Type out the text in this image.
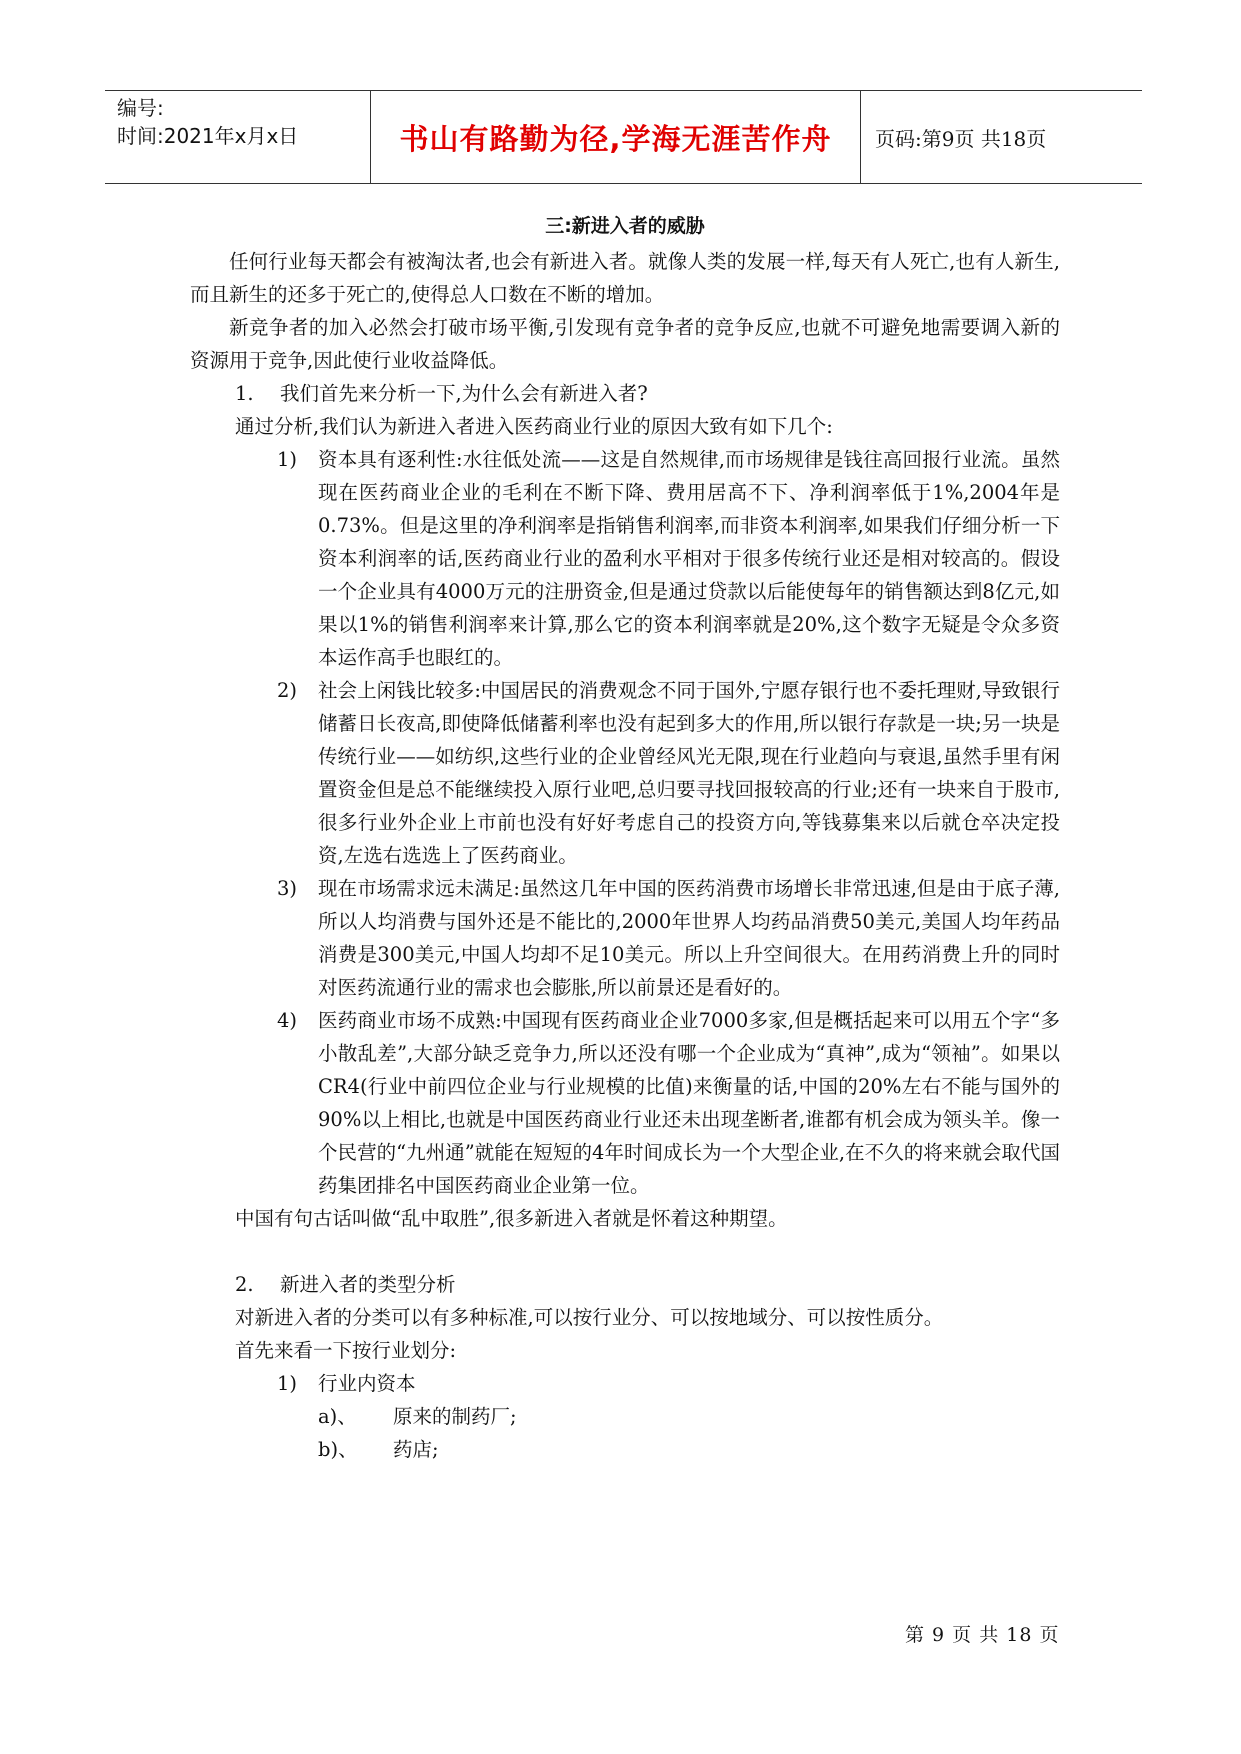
编号:
时间:2021年x月x日	书山有路勤为径,学海无涯苦作舟	页码:第9页 共18页
三:新进入者的威胁

任何行业每天都会有被淘汰者,也会有新进入者。就像人类的发展一样,每天有人死亡,也有人新生,而且新生的还多于死亡的,使得总人口数在不断的增加。

新竞争者的加入必然会打破市场平衡,引发现有竞争者的竞争反应,也就不可避免地需要调入新的资源用于竞争,因此使行业收益降低。

1. 我们首先来分析一下,为什么会有新进入者?

通过分析,我们认为新进入者进入医药商业行业的原因大致有如下几个:

1) 资本具有逐利性:水往低处流——这是自然规律,而市场规律是钱往高回报行业流。虽然现在医药商业企业的毛利在不断下降、费用居高不下、净利润率低于1%,2004年是0.73%。但是这里的净利润率是指销售利润率,而非资本利润率,如果我们仔细分析一下资本利润率的话,医药商业行业的盈利水平相对于很多传统行业还是相对较高的。假设一个企业具有4000万元的注册资金,但是通过贷款以后能使每年的销售额达到8亿元,如果以1%的销售利润率来计算,那么它的资本利润率就是20%,这个数字无疑是令众多资本运作高手也眼红的。

2) 社会上闲钱比较多:中国居民的消费观念不同于国外,宁愿存银行也不委托理财,导致银行储蓄日长夜高,即使降低储蓄利率也没有起到多大的作用,所以银行存款是一块;另一块是传统行业——如纺织,这些行业的企业曾经风光无限,现在行业趋向与衰退,虽然手里有闲置资金但是总不能继续投入原行业吧,总归要寻找回报较高的行业;还有一块来自于股市,很多行业外企业上市前也没有好好考虑自己的投资方向,等钱募集来以后就仓卒决定投资,左选右选选上了医药商业。

3) 现在市场需求远未满足:虽然这几年中国的医药消费市场增长非常迅速,但是由于底子薄,所以人均消费与国外还是不能比的,2000年世界人均药品消费50美元,美国人均年药品消费是300美元,中国人均却不足10美元。所以上升空间很大。在用药消费上升的同时对医药流通行业的需求也会膨胀,所以前景还是看好的。

4) 医药商业市场不成熟:中国现有医药商业企业7000多家,但是概括起来可以用五个字“多小散乱差”,大部分缺乏竞争力,所以还没有哪一个企业成为“真神”,成为“领袖”。如果以CR4(行业中前四位企业与行业规模的比值)来衡量的话,中国的20%左右不能与国外的90%以上相比,也就是中国医药商业行业还未出现垄断者,谁都有机会成为领头羊。像一个民营的“九州通”就能在短短的4年时间成长为一个大型企业,在不久的将来就会取代国药集团排名中国医药商业企业第一位。

中国有句古话叫做“乱中取胜”,很多新进入者就是怀着这种期望。

2. 新进入者的类型分析

对新进入者的分类可以有多种标准,可以按行业分、可以按地域分、可以按性质分。

首先来看一下按行业划分:

1) 行业内资本

a)、 原来的制药厂;

b)、 药店;

第 9 页 共 18 页
